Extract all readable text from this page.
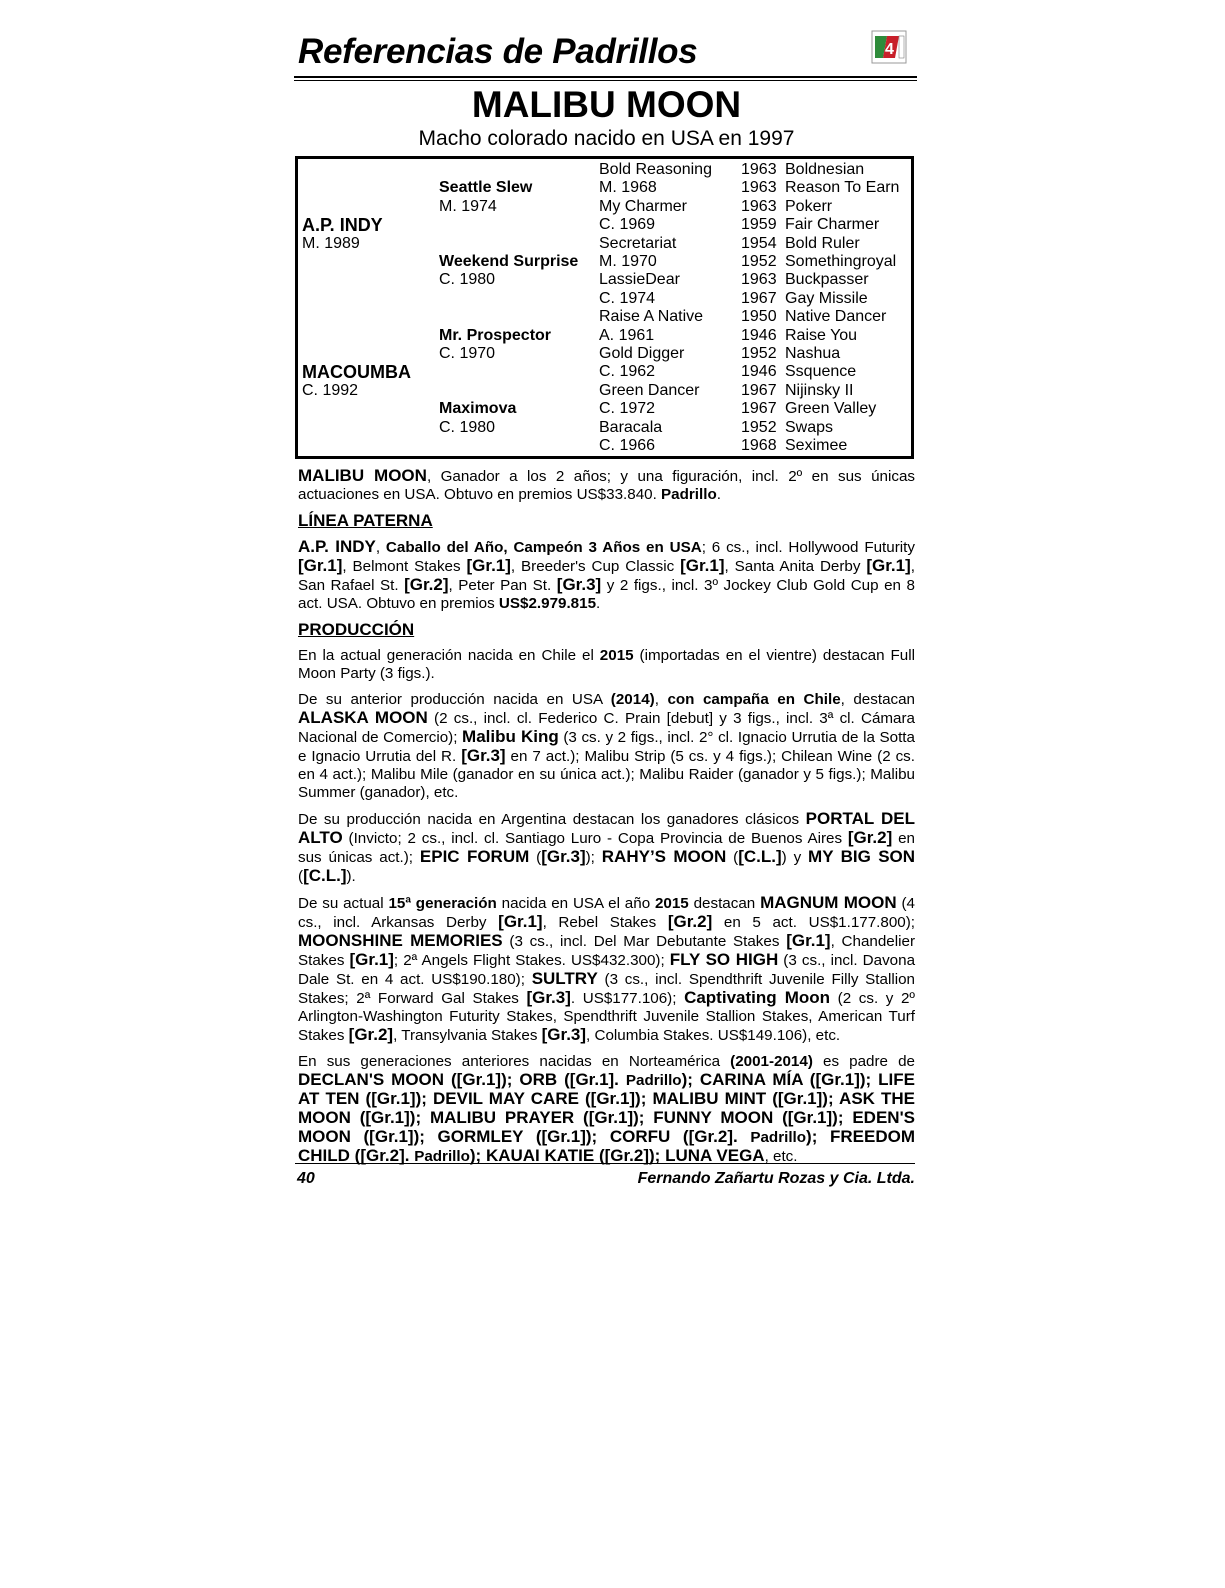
Referencias de Padrillos	4
MALIBU MOON

Macho colorado nacido en USA en 1997

A.P. INDY
M. 1989
MACOUMBA
C. 1992
Seattle Slew
M. 1974
Weekend Surprise
C. 1980
Mr. Prospector
C. 1970
Maximova
C. 1980
Bold Reasoning
M. 1968
My Charmer
C. 1969
Secretariat
M. 1970
LassieDear
C. 1974
Raise A Native
A. 1961
Gold Digger
C. 1962
Green Dancer
C. 1972
Baracala
C. 1966
1963 Boldnesian
1963 Reason To Earn
1963 Pokerr
1959 Fair Charmer
1954 Bold Ruler
1952 Somethingroyal
1963 Buckpasser
1967 Gay Missile
1950 Native Dancer
1946 Raise You
1952 Nashua
1946 Ssquence
1967 Nijinsky II
1967 Green Valley
1952 Swaps
1968 Seximee

MALIBU MOON, Ganador a los 2 años; y una figuración, incl. 2º en sus únicas actuaciones en USA. Obtuvo en premios US$33.840. Padrillo.

LÍNEA PATERNA

A.P. INDY, Caballo del Año, Campeón 3 Años en USA; 6 cs., incl. Hollywood Futurity [Gr.1], Belmont Stakes [Gr.1], Breeder's Cup Classic [Gr.1], Santa Anita Derby [Gr.1], San Rafael St. [Gr.2], Peter Pan St. [Gr.3] y 2 figs., incl. 3º Jockey Club Gold Cup en 8 act. USA. Obtuvo en premios US$2.979.815.

PRODUCCIÓN

En la actual generación nacida en Chile el 2015 (importadas en el vientre) destacan Full Moon Party (3 figs.).

De su anterior producción nacida en USA (2014), con campaña en Chile, destacan ALASKA MOON (2 cs., incl. cl. Federico C. Prain [debut] y 3 figs., incl. 3ª cl. Cámara Nacional de Comercio); Malibu King (3 cs. y 2 figs., incl. 2° cl. Ignacio Urrutia de la Sotta e Ignacio Urrutia del R. [Gr.3] en 7 act.); Malibu Strip (5 cs. y 4 figs.); Chilean Wine (2 cs. en 4 act.); Malibu Mile (ganador en su única act.); Malibu Raider (ganador y 5 figs.); Malibu Summer (ganador), etc.

De su producción nacida en Argentina destacan los ganadores clásicos PORTAL DEL ALTO (Invicto; 2 cs., incl. cl. Santiago Luro - Copa Provincia de Buenos Aires [Gr.2] en sus únicas act.); EPIC FORUM ([Gr.3]); RAHY’S MOON ([C.L.]) y MY BIG SON ([C.L.]).

De su actual 15ª generación nacida en USA el año 2015 destacan MAGNUM MOON (4 cs., incl. Arkansas Derby [Gr.1], Rebel Stakes [Gr.2] en 5 act. US$1.177.800); MOONSHINE MEMORIES (3 cs., incl. Del Mar Debutante Stakes [Gr.1], Chandelier Stakes [Gr.1]; 2ª Angels Flight Stakes. US$432.300); FLY SO HIGH (3 cs., incl. Davona Dale St. en 4 act. US$190.180); SULTRY (3 cs., incl. Spendthrift Juvenile Filly Stallion Stakes; 2ª Forward Gal Stakes [Gr.3]. US$177.106); Captivating Moon (2 cs. y 2º Arlington-Washington Futurity Stakes, Spendthrift Juvenile Stallion Stakes, American Turf Stakes [Gr.2], Transylvania Stakes [Gr.3], Columbia Stakes. US$149.106), etc.

En sus generaciones anteriores nacidas en Norteamérica (2001-2014) es padre de DECLAN'S MOON ([Gr.1]); ORB ([Gr.1]. Padrillo); CARINA MÍA ([Gr.1]); LIFE AT TEN ([Gr.1]); DEVIL MAY CARE ([Gr.1]); MALIBU MINT ([Gr.1]); ASK THE MOON ([Gr.1]); MALIBU PRAYER ([Gr.1]); FUNNY MOON ([Gr.1]); EDEN'S MOON ([Gr.1]); GORMLEY ([Gr.1]); CORFU ([Gr.2]. Padrillo); FREEDOM CHILD ([Gr.2]. Padrillo); KAUAI KATIE ([Gr.2]); LUNA VEGA, etc.

40	Fernando Zañartu Rozas y Cia. Ltda.
